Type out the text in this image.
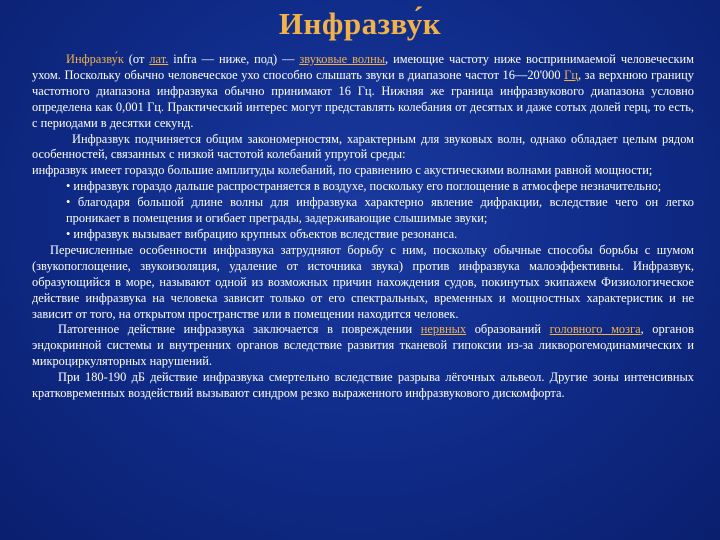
Инфразву́к

Инфразву́к (от лат. infra — ниже, под) — звуковые волны, имеющие частоту ниже воспринимаемой человеческим ухом. Поскольку обычно человеческое ухо способно слышать звуки в диапазоне частот 16—20'000 Гц, за верхнюю границу частотного диапазона инфразвука обычно принимают 16 Гц. Нижняя же граница инфразвукового диапазона условно определена как 0,001 Гц. Практический интерес могут представлять колебания от десятых и даже сотых долей герц, то есть, с периодами в десятки секунд.

Инфразвук подчиняется общим закономерностям, характерным для звуковых волн, однако обладает целым рядом особенностей, связанных с низкой частотой колебаний упругой среды:

инфразвук имеет гораздо большие амплитуды колебаний, по сравнению с акустическими волнами равной мощности;

• инфразвук гораздо дальше распространяется в воздухе, поскольку его поглощение в атмосфере незначительно;
• благодаря большой длине волны для инфразвука характерно явление дифракции, вследствие чего он легко проникает в помещения и огибает преграды, задерживающие слышимые звуки;
• инфразвук вызывает вибрацию крупных объектов вследствие резонанса.

Перечисленные особенности инфразвука затрудняют борьбу с ним, поскольку обычные способы борьбы с шумом (звукопоглощение, звукоизоляция, удаление от источника звука) против инфразвука малоэффективны. Инфразвук, образующийся в море, называют одной из возможных причин нахождения судов, покинутых экипажем Физиологическое действие инфразвука на человека зависит только от его спектральных, временных и мощностных характеристик и не зависит от того, на открытом пространстве или в помещении находится человек.

Патогенное действие инфразвука заключается в повреждении нервных образований головного мозга, органов эндокринной системы и внутренних органов вследствие развития тканевой гипоксии из-за ликворогемодинамических и микроциркуляторных нарушений.

При 180-190 дБ действие инфразвука смертельно вследствие разрыва лёгочных альвеол. Другие зоны интенсивных кратковременных воздействий вызывают синдром резко выраженного инфразвукового дискомфорта.
